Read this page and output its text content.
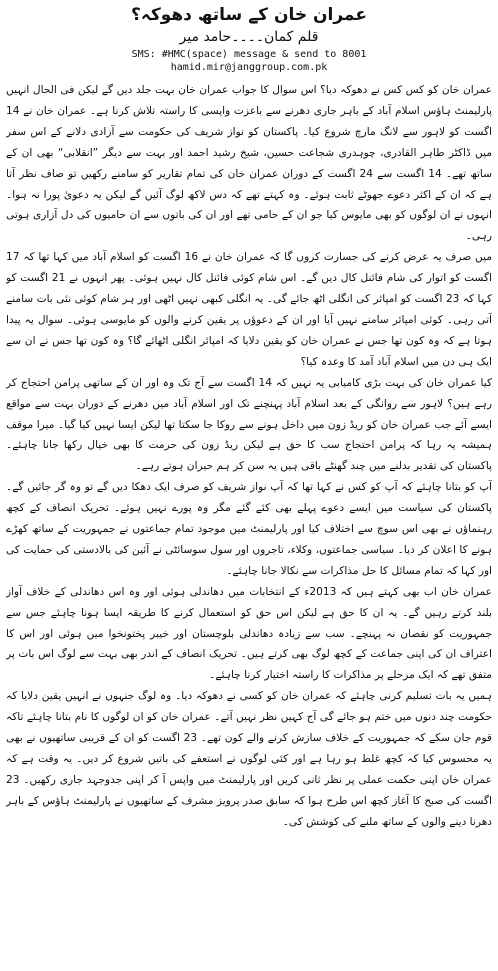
عمران خان کے ساتھ دھوکہ؟
قلم کمان۔۔۔۔حامد میر
SMS: #HMC(space) message & send to 8001
hamid.mir@janggroup.com.pk

عمران خان کو کس کس نے دھوکہ دیا؟ اس سوال کا جواب عمران خان بہت جلد دیں گے لیکن فی الحال انہیں پارلیمنٹ ہاؤس اسلام آباد کے باہر جاری دھرنے سے باعزت واپسی کا راستہ تلاش کرنا ہے۔ عمران خان نے 14 اگست کو لاہور سے لانگ مارچ شروع کیا۔ پاکستان کو نواز شریف کی حکومت سے آزادی دلانے کے اس سفر میں ڈاکٹر طاہر القادری، چوہدری شجاعت حسین، شیخ رشید احمد اور بہت سے دیگر ”انقلابی“ بھی ان کے ساتھ تھے۔ 14 اگست سے 24 اگست کے دوران عمران خان کی تمام تقاریر کو سامنے رکھیں تو صاف نظر آتا ہے کہ ان کے اکثر دعوے جھوٹے ثابت ہوئے۔ وہ کہتے تھے کہ دس لاکھ لوگ آئیں گے لیکن یہ دعویٰ پورا نہ ہوا۔ انہوں نے ان لوگوں کو بھی مایوس کیا جو ان کے حامی تھے اور ان کی باتوں سے ان حامیوں کی دل آزاری ہوتی رہی۔

میں صرف یہ عرض کرنے کی جسارت کروں گا کہ عمران خان نے 16 اگست کو اسلام آباد میں کہا تھا کہ 17 اگست کو اتوار کی شام فائنل کال دیں گے۔ اس شام کوئی فائنل کال نہیں ہوئی۔ پھر انہوں نے 21 اگست کو کہا کہ 23 اگست کو امپائر کی انگلی اٹھ جائے گی۔ یہ انگلی کبھی نہیں اٹھی اور ہر شام کوئی نئی بات سامنے آتی رہی۔ کوئی امپائر سامنے نہیں آیا اور ان کے دعوؤں پر یقین کرنے والوں کو مایوسی ہوئی۔ سوال یہ پیدا ہوتا ہے کہ وہ کون تھا جس نے عمران خان کو یقین دلایا کہ امپائر انگلی اٹھائے گا؟ وہ کون تھا جس نے ان سے ایک ہی دن میں اسلام آباد آمد کا وعدہ کیا؟

کیا عمران خان کی بہت بڑی کامیابی یہ نہیں کہ 14 اگست سے آج تک وہ اور ان کے ساتھی پرامن احتجاج کر رہے ہیں؟ لاہور سے روانگی کے بعد اسلام آباد پہنچنے تک اور اسلام آباد میں دھرنے کے دوران بہت سے مواقع ایسے آئے جب عمران خان کو ریڈ زون میں داخل ہونے سے روکا جا سکتا تھا لیکن ایسا نہیں کیا گیا۔ میرا موقف ہمیشہ یہ رہا کہ پرامن احتجاج سب کا حق ہے لیکن ریڈ زون کی حرمت کا بھی خیال رکھا جانا چاہئے۔ پاکستان کی تقدیر بدلنے میں چند گھنٹے باقی ہیں یہ سن کر ہم حیران ہوتے رہے۔

آپ کو بتانا چاہئے کہ آپ کو کس نے کہا تھا کہ آپ نواز شریف کو صرف ایک دھکا دیں گے تو وہ گر جائیں گے۔ پاکستان کی سیاست میں ایسے دعوے پہلے بھی کئے گئے مگر وہ پورے نہیں ہوئے۔ تحریک انصاف کے کچھ رہنماؤں نے بھی اس سوچ سے اختلاف کیا اور پارلیمنٹ میں موجود تمام جماعتوں نے جمہوریت کے ساتھ کھڑے ہونے کا اعلان کر دیا۔ سیاسی جماعتوں، وکلاء، تاجروں اور سول سوسائٹی نے آئین کی بالادستی کی حمایت کی اور کہا کہ تمام مسائل کا حل مذاکرات سے نکالا جانا چاہئے۔

عمران خان اب بھی کہتے ہیں کہ 2013ء کے انتخابات میں دھاندلی ہوئی اور وہ اس دھاندلی کے خلاف آواز بلند کرتے رہیں گے۔ یہ ان کا حق ہے لیکن اس حق کو استعمال کرنے کا طریقہ ایسا ہونا چاہئے جس سے جمہوریت کو نقصان نہ پہنچے۔ سب سے زیادہ دھاندلی بلوچستان اور خیبر پختونخوا میں ہوئی اور اس کا اعتراف ان کی اپنی جماعت کے کچھ لوگ بھی کرتے ہیں۔ تحریک انصاف کے اندر بھی بہت سے لوگ اس بات پر متفق تھے کہ ایک مرحلے پر مذاکرات کا راستہ اختیار کرنا چاہئے۔

ہمیں یہ بات تسلیم کرنی چاہئے کہ عمران خان کو کسی نے دھوکہ دیا۔ وہ لوگ جنہوں نے انہیں یقین دلایا کہ حکومت چند دنوں میں ختم ہو جائے گی آج کہیں نظر نہیں آتے۔ عمران خان کو ان لوگوں کا نام بتانا چاہئے تاکہ قوم جان سکے کہ جمہوریت کے خلاف سازش کرنے والے کون تھے۔ 23 اگست کو ان کے قریبی ساتھیوں نے بھی یہ محسوس کیا کہ کچھ غلط ہو رہا ہے اور کئی لوگوں نے استعفے کی باتیں شروع کر دیں۔ یہ وقت ہے کہ عمران خان اپنی حکمت عملی پر نظر ثانی کریں اور پارلیمنٹ میں واپس آ کر اپنی جدوجہد جاری رکھیں۔ 23 اگست کی صبح کا آغاز کچھ اس طرح ہوا کہ سابق صدر پرویز مشرف کے ساتھیوں نے پارلیمنٹ ہاؤس کے باہر دھرنا دینے والوں کے ساتھ ملنے کی کوشش کی۔
